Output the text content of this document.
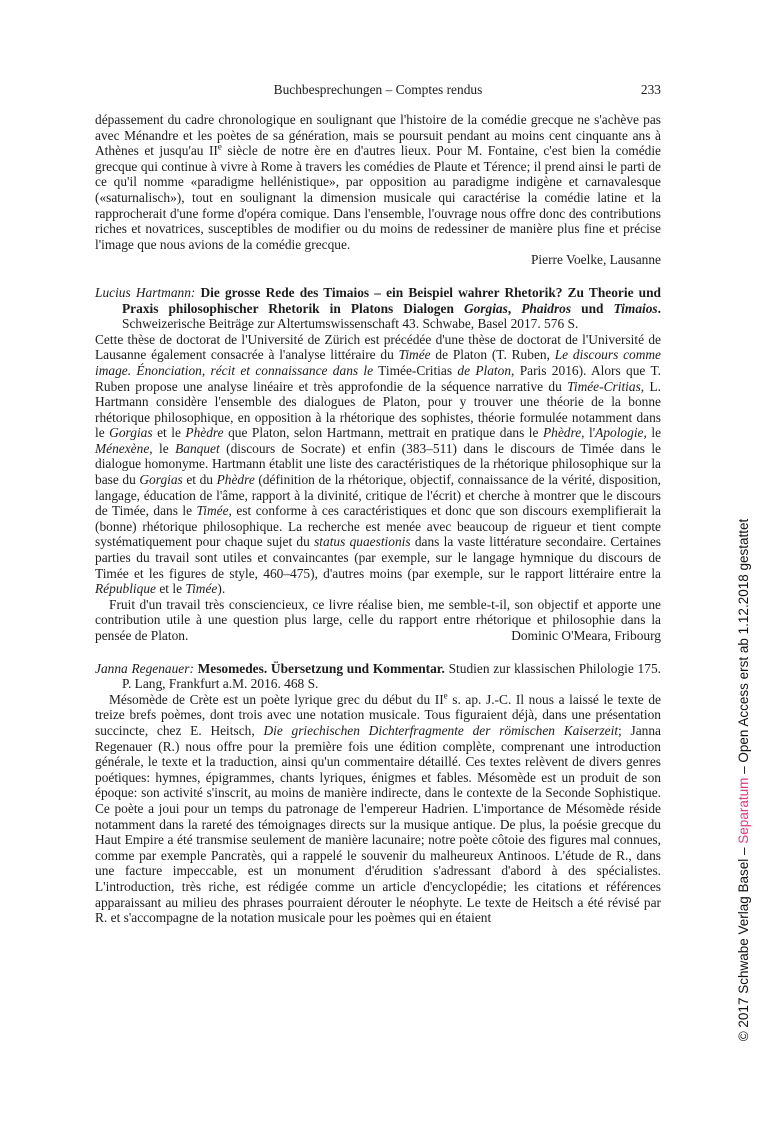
Buchbesprechungen – Comptes rendus	233

dépassement du cadre chronologique en soulignant que l'histoire de la comédie grecque ne s'achève pas avec Ménandre et les poètes de sa génération, mais se poursuit pendant au moins cent cinquante ans à Athènes et jusqu'au IIe siècle de notre ère en d'autres lieux. Pour M. Fontaine, c'est bien la comédie grecque qui continue à vivre à Rome à travers les comédies de Plaute et Térence; il prend ainsi le parti de ce qu'il nomme «paradigme hellénistique», par opposition au paradigme indigène et carnavalesque («saturnalisch»), tout en soulignant la dimension musicale qui caractérise la comédie latine et la rapprocherait d'une forme d'opéra comique. Dans l'ensemble, l'ouvrage nous offre donc des contributions riches et novatrices, susceptibles de modifier ou du moins de redessiner de manière plus fine et précise l'image que nous avions de la comédie grecque.

Pierre Voelke, Lausanne

Lucius Hartmann: Die grosse Rede des Timaios – ein Beispiel wahrer Rhetorik? Zu Theorie und Praxis philosophischer Rhetorik in Platons Dialogen Gorgias, Phaidros und Timaios. Schweizerische Beiträge zur Altertumswissenschaft 43. Schwabe, Basel 2017. 576 S.

Cette thèse de doctorat de l'Université de Zürich est précédée d'une thèse de doctorat de l'Université de Lausanne également consacrée à l'analyse littéraire du Timée de Platon (T. Ruben, Le discours comme image. Énonciation, récit et connaissance dans le Timée-Critias de Platon, Paris 2016). Alors que T. Ruben propose une analyse linéaire et très approfondie de la séquence narrative du Timée-Critias, L. Hartmann considère l'ensemble des dialogues de Platon, pour y trouver une théorie de la bonne rhétorique philosophique, en opposition à la rhétorique des sophistes, théorie formulée notamment dans le Gorgias et le Phèdre que Platon, selon Hartmann, mettrait en pratique dans le Phèdre, l'Apologie, le Ménexène, le Banquet (discours de Socrate) et enfin (383–511) dans le discours de Timée dans le dialogue homonyme. Hartmann établit une liste des caractéristiques de la rhétorique philosophique sur la base du Gorgias et du Phèdre (définition de la rhétorique, objectif, connaissance de la vérité, disposition, langage, éducation de l'âme, rapport à la divinité, critique de l'écrit) et cherche à montrer que le discours de Timée, dans le Timée, est conforme à ces caractéristiques et donc que son discours exemplifierait la (bonne) rhétorique philosophique. La recherche est menée avec beaucoup de rigueur et tient compte systématiquement pour chaque sujet du status quaestionis dans la vaste littérature secondaire. Certaines parties du travail sont utiles et convaincantes (par exemple, sur le langage hymnique du discours de Timée et les figures de style, 460–475), d'autres moins (par exemple, sur le rapport littéraire entre la République et le Timée).

Fruit d'un travail très consciencieux, ce livre réalise bien, me semble-t-il, son objectif et apporte une contribution utile à une question plus large, celle du rapport entre rhétorique et philosophie dans la pensée de Platon.	Dominic O'Meara, Fribourg

Janna Regenauer: Mesomedes. Übersetzung und Kommentar. Studien zur klassischen Philologie 175. P. Lang, Frankfurt a.M. 2016. 468 S.

Mésomède de Crète est un poète lyrique grec du début du IIe s. ap. J.-C. Il nous a laissé le texte de treize brefs poèmes, dont trois avec une notation musicale. Tous figuraient déjà, dans une présentation succincte, chez E. Heitsch, Die griechischen Dichterfragmente der römischen Kaiserzeit; Janna Regenauer (R.) nous offre pour la première fois une édition complète, comprenant une introduction générale, le texte et la traduction, ainsi qu'un commentaire détaillé. Ces textes relèvent de divers genres poétiques: hymnes, épigrammes, chants lyriques, énigmes et fables. Mésomède est un produit de son époque: son activité s'inscrit, au moins de manière indirecte, dans le contexte de la Seconde Sophistique. Ce poète a joui pour un temps du patronage de l'empereur Hadrien. L'importance de Mésomède réside notamment dans la rareté des témoignages directs sur la musique antique. De plus, la poésie grecque du Haut Empire a été transmise seulement de manière lacunaire; notre poète côtoie des figures mal connues, comme par exemple Pancratès, qui a rappelé le souvenir du malheureux Antinoos. L'étude de R., dans une facture impeccable, est un monument d'érudition s'adressant d'abord à des spécialistes. L'introduction, très riche, est rédigée comme un article d'encyclopédie; les citations et références apparaissant au milieu des phrases pourraient dérouter le néophyte. Le texte de Heitsch a été révisé par R. et s'accompagne de la notation musicale pour les poèmes qui en étaient	© 2017 Schwabe Verlag Basel – Separatum – Open Access erst ab 1.12.2018 gestattet
